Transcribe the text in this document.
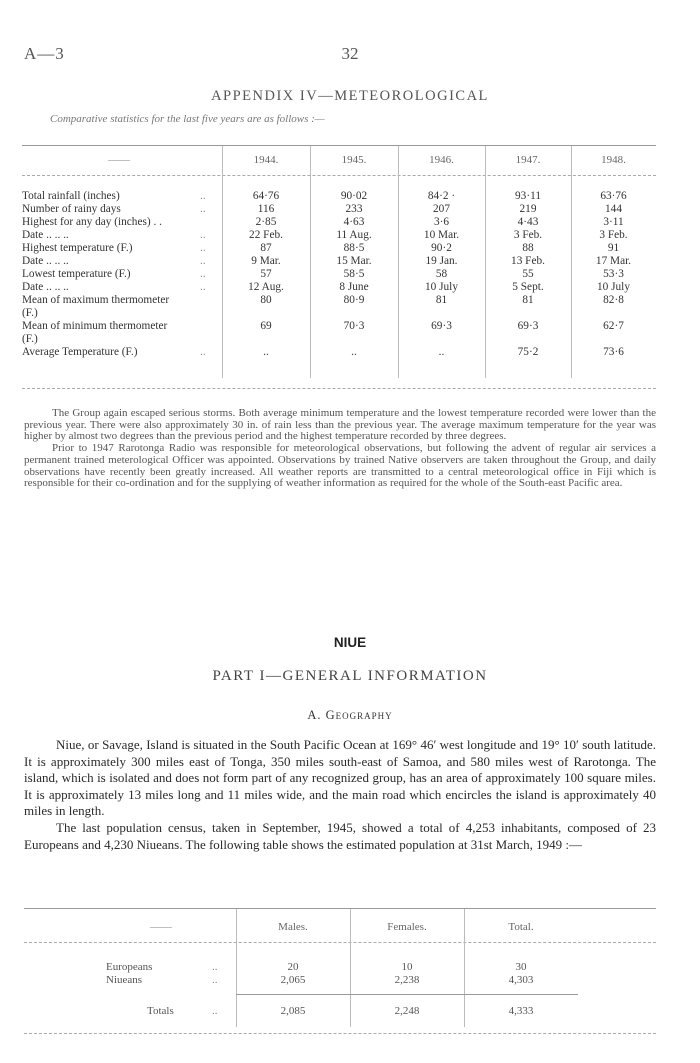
A—3	32
APPENDIX IV—METEOROLOGICAL
Comparative statistics for the last five years are as follows :—
——	1944.	1945.	1946.	1947.	1948.
Total rainfall (inches)	..	64·76	90·02	84·2 ·	93·11	63·76
Number of rainy days	..	116	233	207	219	144
Highest for any day (inches) . .	2·85	4·63	3·6	4·43	3·11
Date .. .. ..	..	22 Feb.	11 Aug.	10 Mar.	3 Feb.	3 Feb.
Highest temperature (F.)	..	87	88·5	90·2	88	91
Date .. .. ..	..	9 Mar.	15 Mar.	19 Jan.	13 Feb.	17 Mar.
Lowest temperature (F.)	..	57	58·5	58	55	53·3
Date .. .. ..	..	12 Aug.	8 June	10 July	5 Sept.	10 July
Mean of maximum thermometer	80	80·9	81	81	82·8
(F.)
Mean of minimum thermometer	69	70·3	69·3	69·3	62·7
(F.)
Average Temperature (F.)	..	..	..	..	75·2	73·6

The Group again escaped serious storms. Both average minimum temperature and the lowest temperature recorded were lower than the previous year. There were also approximately 30 in. of rain less than the previous year. The average maximum temperature for the year was higher by almost two degrees than the previous period and the highest temperature recorded by three degrees.

Prior to 1947 Rarotonga Radio was responsible for meteorological observations, but following the advent of regular air services a permanent trained meterological Officer was appointed. Observations by trained Native observers are taken throughout the Group, and daily observations have recently been greatly increased. All weather reports are transmitted to a central meteorological office in Fiji which is responsible for their co-ordination and for the supplying of weather information as required for the whole of the South-east Pacific area.

NIUE
PART I—GENERAL INFORMATION
A. Geography

Niue, or Savage, Island is situated in the South Pacific Ocean at 169° 46′ west longitude and 19° 10′ south latitude. It is approximately 300 miles east of Tonga, 350 miles south-east of Samoa, and 580 miles west of Rarotonga. The island, which is isolated and does not form part of any recognized group, has an area of approximately 100 square miles. It is approximately 13 miles long and 11 miles wide, and the main road which encircles the island is approximately 40 miles in length.

The last population census, taken in September, 1945, showed a total of 4,253 inhabitants, composed of 23 Europeans and 4,230 Niueans. The following table shows the estimated population at 31st March, 1949 :—

——	Males.	Females.	Total.
Europeans	..	20	10	30
Niueans	..	2,065	2,238	4,303
Totals	..	2,085	2,248	4,333
